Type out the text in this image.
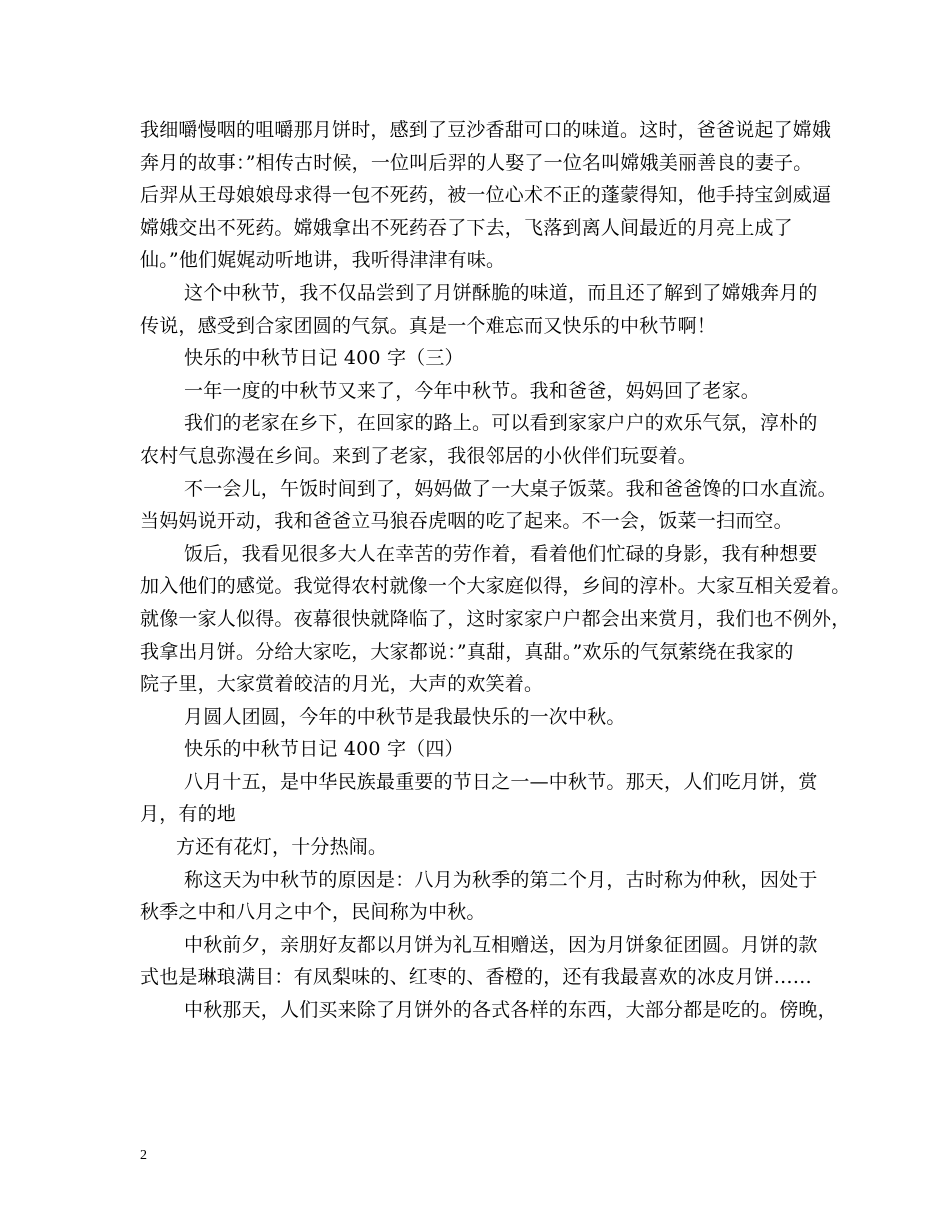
我细嚼慢咽的咀嚼那月饼时，感到了豆沙香甜可口的味道。这时，爸爸说起了嫦娥
奔月的故事：”相传古时候，一位叫后羿的人娶了一位名叫嫦娥美丽善良的妻子。
后羿从王母娘娘母求得一包不死药，被一位心术不正的蓬蒙得知，他手持宝剑威逼
嫦娥交出不死药。嫦娥拿出不死药吞了下去，飞落到离人间最近的月亮上成了
仙。”他们娓娓动听地讲，我听得津津有味。
这个中秋节，我不仅品尝到了月饼酥脆的味道，而且还了解到了嫦娥奔月的
传说，感受到合家团圆的气氛。真是一个难忘而又快乐的中秋节啊！
快乐的中秋节日记 400 字（三）
一年一度的中秋节又来了，今年中秋节。我和爸爸，妈妈回了老家。
我们的老家在乡下，在回家的路上。可以看到家家户户的欢乐气氛，淳朴的
农村气息弥漫在乡间。来到了老家，我很邻居的小伙伴们玩耍着。
不一会儿，午饭时间到了，妈妈做了一大桌子饭菜。我和爸爸馋的口水直流。
当妈妈说开动，我和爸爸立马狼吞虎咽的吃了起来。不一会，饭菜一扫而空。
饭后，我看见很多大人在幸苦的劳作着，看着他们忙碌的身影，我有种想要
加入他们的感觉。我觉得农村就像一个大家庭似得，乡间的淳朴。大家互相关爱着。
就像一家人似得。夜幕很快就降临了，这时家家户户都会出来赏月，我们也不例外，
我拿出月饼。分给大家吃，大家都说：”真甜，真甜。”欢乐的气氛萦绕在我家的
院子里，大家赏着皎洁的月光，大声的欢笑着。
月圆人团圆，今年的中秋节是我最快乐的一次中秋。
快乐的中秋节日记 400 字（四）
八月十五，是中华民族最重要的节日之一—中秋节。那天，人们吃月饼，赏
月，有的地
方还有花灯，十分热闹。
称这天为中秋节的原因是：八月为秋季的第二个月，古时称为仲秋，因处于
秋季之中和八月之中个，民间称为中秋。
中秋前夕，亲朋好友都以月饼为礼互相赠送，因为月饼象征团圆。月饼的款
式也是琳琅满目：有凤梨味的、红枣的、香橙的，还有我最喜欢的冰皮月饼……
中秋那天，人们买来除了月饼外的各式各样的东西，大部分都是吃的。傍晚，
2
